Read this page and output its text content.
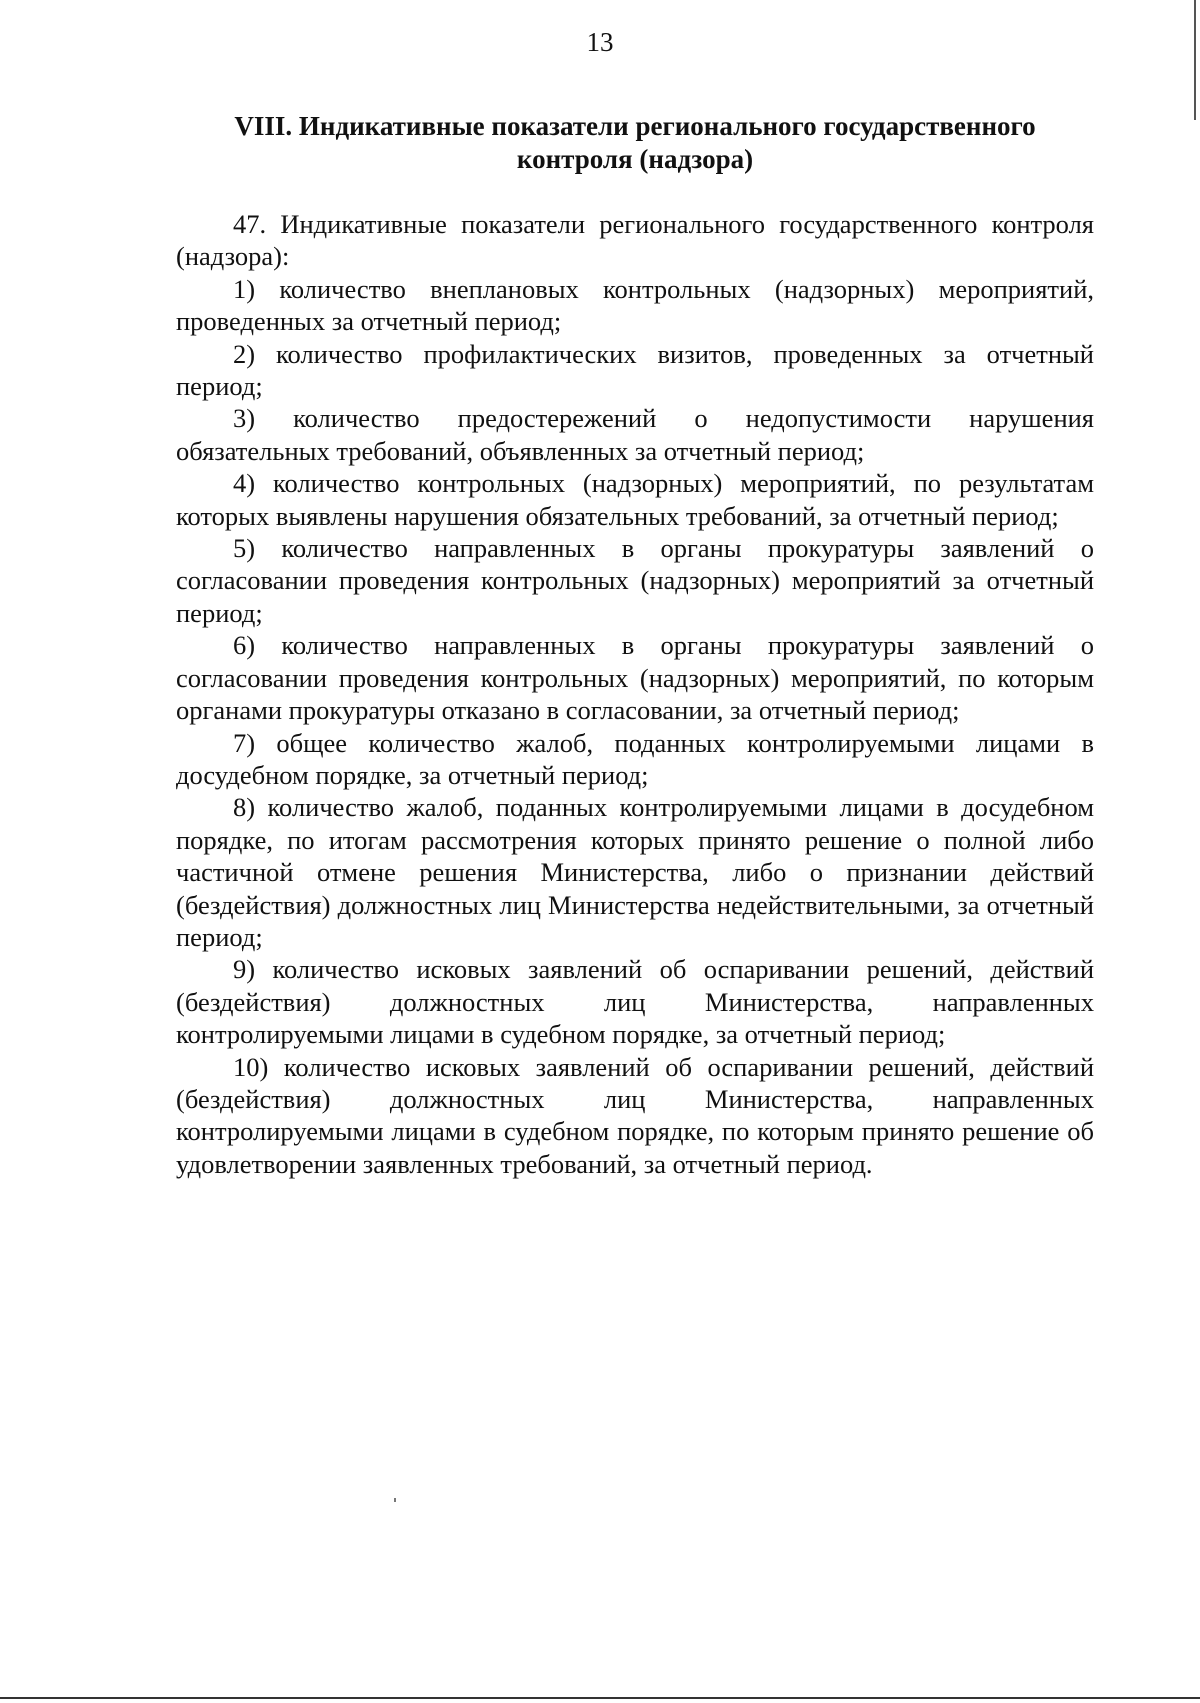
13
VIII. Индикативные показатели регионального государственного
контроля (надзора)

47. Индикативные показатели регионального государственного контроля (надзора):

1) количество внеплановых контрольных (надзорных) мероприятий, проведенных за отчетный период;

2) количество профилактических визитов, проведенных за отчетный период;

3) количество предостережений о недопустимости нарушения обязательных требований, объявленных за отчетный период;

4) количество контрольных (надзорных) мероприятий, по результатам которых выявлены нарушения обязательных требований, за отчетный период;

5) количество направленных в органы прокуратуры заявлений о согласовании проведения контрольных (надзорных) мероприятий за отчетный период;

6) количество направленных в органы прокуратуры заявлений о согласовании проведения контрольных (надзорных) мероприятий, по которым органами прокуратуры отказано в согласовании, за отчетный период;

7) общее количество жалоб, поданных контролируемыми лицами в досудебном порядке, за отчетный период;

8) количество жалоб, поданных контролируемыми лицами в досудебном порядке, по итогам рассмотрения которых принято решение о полной либо частичной отмене решения Министерства, либо о признании действий (бездействия) должностных лиц Министерства недействительными, за отчетный период;

9) количество исковых заявлений об оспаривании решений, действий (бездействия) должностных лиц Министерства, направленных контролируемыми лицами в судебном порядке, за отчетный период;

10) количество исковых заявлений об оспаривании решений, действий (бездействия) должностных лиц Министерства, направленных контролируемыми лицами в судебном порядке, по которым принято решение об удовлетворении заявленных требований, за отчетный период.
